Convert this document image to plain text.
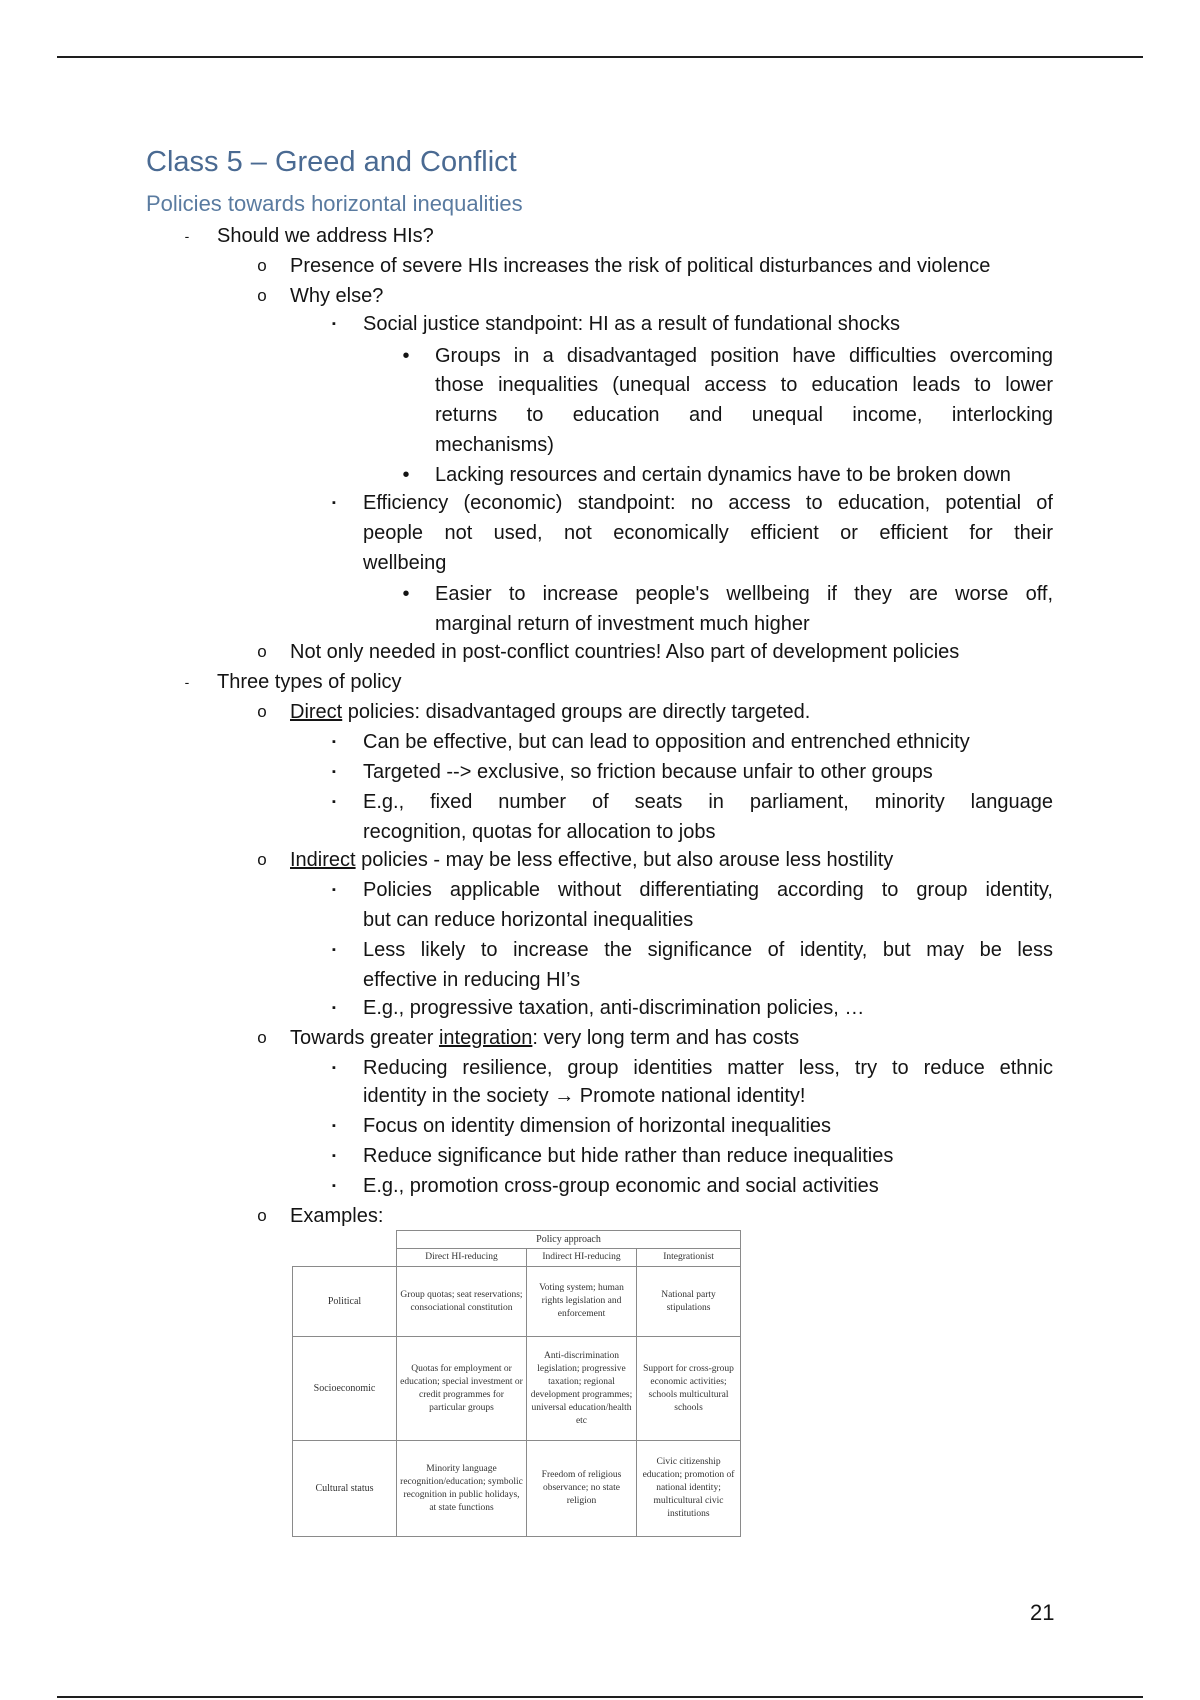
Class 5 – Greed and Conflict
Policies towards horizontal inequalities
-	Should we address HIs?
o	Presence of severe HIs increases the risk of political disturbances and violence
o	Why else?
▪	Social justice standpoint: HI as a result of fundational shocks
•	Groups in a disadvantaged position have difficulties overcoming
those inequalities (unequal access to education leads to lower
returns to education and unequal income, interlocking
mechanisms)
•	Lacking resources and certain dynamics have to be broken down
▪	Efficiency (economic) standpoint: no access to education, potential of
people not used, not economically efficient or efficient for their
wellbeing
•	Easier to increase people's wellbeing if they are worse off,
marginal return of investment much higher
o	Not only needed in post-conflict countries! Also part of development policies
-	Three types of policy
o	Direct policies: disadvantaged groups are directly targeted.
▪	Can be effective, but can lead to opposition and entrenched ethnicity
▪	Targeted --> exclusive, so friction because unfair to other groups
▪	E.g., fixed number of seats in parliament, minority language
recognition, quotas for allocation to jobs
o	Indirect policies - may be less effective, but also arouse less hostility
▪	Policies applicable without differentiating according to group identity,
but can reduce horizontal inequalities
▪	Less likely to increase the significance of identity, but may be less
effective in reducing HI’s
▪	E.g., progressive taxation, anti-discrimination policies, …
o	Towards greater integration: very long term and has costs
▪	Reducing resilience, group identities matter less, try to reduce ethnic
identity in the society → Promote national identity!
▪	Focus on identity dimension of horizontal inequalities
▪	Reduce significance but hide rather than reduce inequalities
▪	E.g., promotion cross-group economic and social activities
o	Examples:
	Policy approach		
	Direct HI-reducing	Indirect HI-reducing	Integrationist
Political	Group quotas; seat reservations; consociational constitution	Voting system; human rights legislation and enforcement	National party stipulations
Socioeconomic	Quotas for employment or education; special investment or credit programmes for particular groups	Anti-discrimination legislation; progressive taxation; regional development programmes; universal education/health etc	Support for cross-group economic activities; schools multicultural schools
Cultural status	Minority language recognition/education; symbolic recognition in public holidays, at state functions	Freedom of religious observance; no state religion	Civic citizenship education; promotion of national identity; multicultural civic institutions
21
